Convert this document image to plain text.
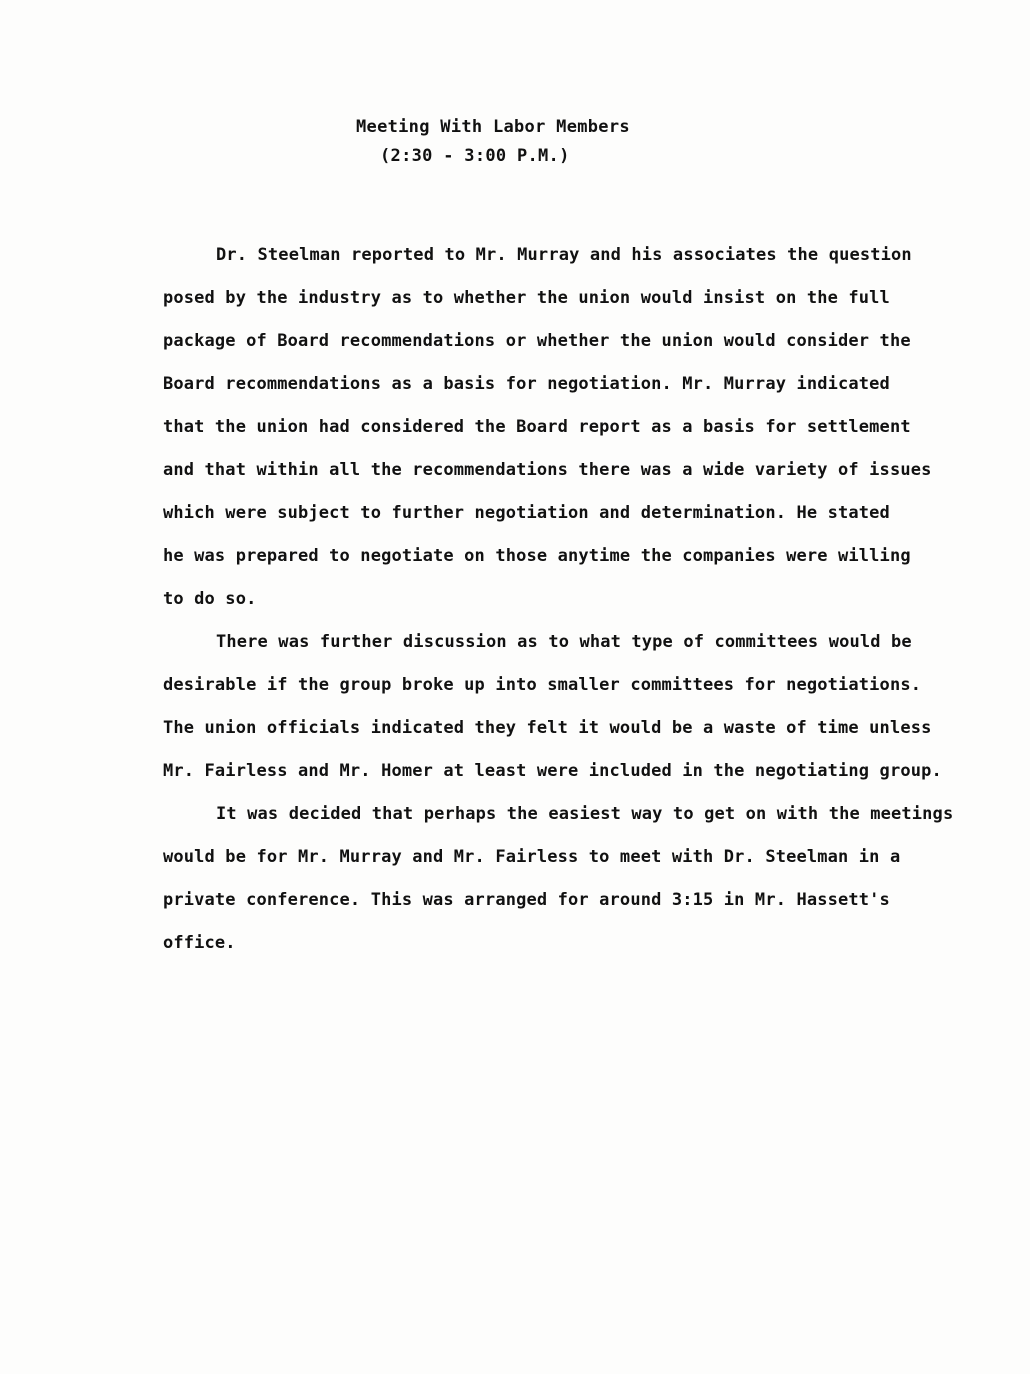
Meeting With Labor Members
(2:30 - 3:00 P.M.)
Dr. Steelman reported to Mr. Murray and his associates the question
posed by the industry as to whether the union would insist on the full
package of Board recommendations or whether the union would consider the
Board recommendations as a basis for negotiation. Mr. Murray indicated
that the union had considered the Board report as a basis for settlement
and that within all the recommendations there was a wide variety of issues
which were subject to further negotiation and determination. He stated
he was prepared to negotiate on those anytime the companies were willing
to do so.
There was further discussion as to what type of committees would be
desirable if the group broke up into smaller committees for negotiations.
The union officials indicated they felt it would be a waste of time unless
Mr. Fairless and Mr. Homer at least were included in the negotiating group.
It was decided that perhaps the easiest way to get on with the meetings
would be for Mr. Murray and Mr. Fairless to meet with Dr. Steelman in a
private conference. This was arranged for around 3:15 in Mr. Hassett's
office.
